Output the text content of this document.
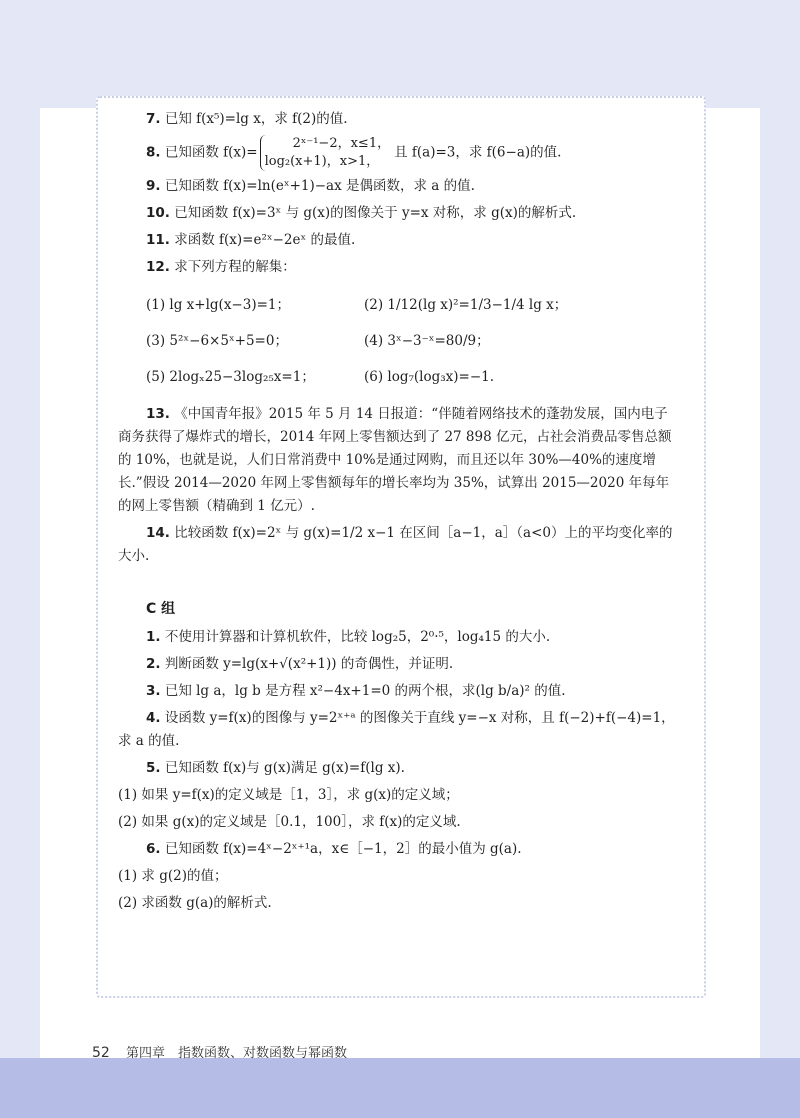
7. 已知 f(x⁵)=lg x，求 f(2)的值.

8. 已知函数 f(x)=2ˣ⁻¹−2，x≤1，
log₂(x+1)，x>1，且 f(a)=3，求 f(6−a)的值.

9. 已知函数 f(x)=ln(eˣ+1)−ax 是偶函数，求 a 的值.

10. 已知函数 f(x)=3ˣ 与 g(x)的图像关于 y=x 对称，求 g(x)的解析式.

11. 求函数 f(x)=e²ˣ−2eˣ 的最值.

12. 求下列方程的解集：

(1) lg x+lg(x−3)=1；	(2) 1/12(lg x)²=1/3−1/4 lg x；
(3) 5²ˣ−6×5ˣ+5=0；	(4) 3ˣ−3⁻ˣ=80/9；
(5) 2logₓ25−3log₂₅x=1；	(6) log₇(log₃x)=−1.

13. 《中国青年报》2015 年 5 月 14 日报道：“伴随着网络技术的蓬勃发展，国内电子商务获得了爆炸式的增长，2014 年网上零售额达到了 27 898 亿元，占社会消费品零售总额的 10%，也就是说，人们日常消费中 10%是通过网购，而且还以年 30%—40%的速度增长.”假设 2014—2020 年网上零售额每年的增长率均为 35%，试算出 2015—2020 年每年的网上零售额（精确到 1 亿元）.

14. 比较函数 f(x)=2ˣ 与 g(x)=1/2 x−1 在区间［a−1，a］（a<0）上的平均变化率的大小.

C 组

1. 不使用计算器和计算机软件，比较 log₂5，2⁰·⁵，log₄15 的大小.

2. 判断函数 y=lg(x+√(x²+1)) 的奇偶性，并证明.

3. 已知 lg a，lg b 是方程 x²−4x+1=0 的两个根，求(lg b/a)² 的值.

4. 设函数 y=f(x)的图像与 y=2ˣ⁺ᵃ 的图像关于直线 y=−x 对称，且 f(−2)+f(−4)=1，求 a 的值.

5. 已知函数 f(x)与 g(x)满足 g(x)=f(lg x).

(1) 如果 y=f(x)的定义域是［1，3］，求 g(x)的定义域；

(2) 如果 g(x)的定义域是［0.1，100］，求 f(x)的定义域.

6. 已知函数 f(x)=4ˣ−2ˣ⁺¹a，x∈［−1，2］的最小值为 g(a).

(1) 求 g(2)的值；

(2) 求函数 g(a)的解析式.

52 第四章　指数函数、对数函数与幂函数
